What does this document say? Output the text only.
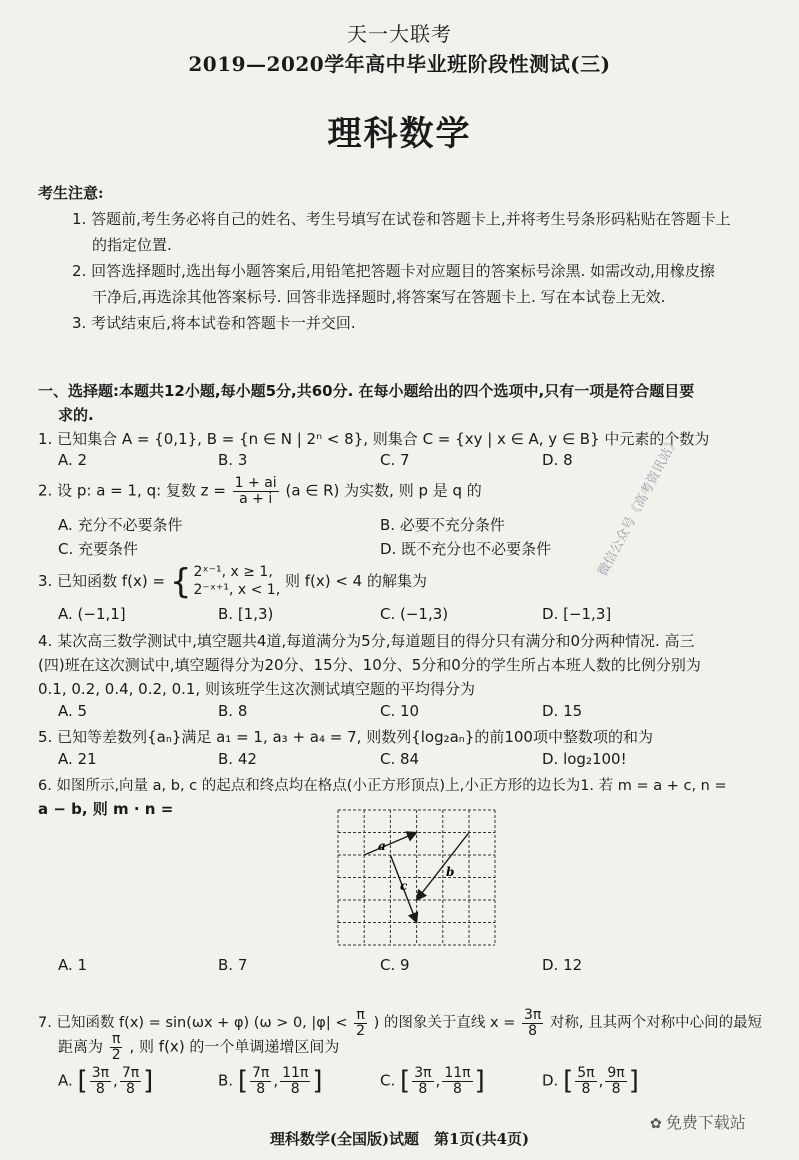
天一大联考
2019—2020学年高中毕业班阶段性测试(三)
理科数学
考生注意:
1. 答题前,考生务必将自己的姓名、考生号填写在试卷和答题卡上,并将考生号条形码粘贴在答题卡上
的指定位置.
2. 回答选择题时,选出每小题答案后,用铅笔把答题卡对应题目的答案标号涂黑. 如需改动,用橡皮擦
干净后,再选涂其他答案标号. 回答非选择题时,将答案写在答题卡上. 写在本试卷上无效.
3. 考试结束后,将本试卷和答题卡一并交回.
一、选择题:本题共12小题,每小题5分,共60分. 在每小题给出的四个选项中,只有一项是符合题目要
求的.
1. 已知集合 A = {0,1}, B = {n ∈ N | 2ⁿ < 8}, 则集合 C = {xy | x ∈ A, y ∈ B} 中元素的个数为
A. 2	B. 3	C. 7	D. 8
2. 设 p: a = 1, q: 复数 $z = \frac{1 + ai}{a + i} (a$ ∈ R) 为实数, 则 p 是 q 的
A. 充分不必要条件	B. 必要不充分条件
C. 充要条件	D. 既不充分也不必要条件
3. 已知函数 f(x) = { 2ˣ⁻¹, x ≥ 1,
2⁻ˣ⁺¹, x < 1, 则 f(x) < 4 的解集为
A. (−1,1]	B. [1,3)	C. (−1,3)	D. [−1,3]
4. 某次高三数学测试中,填空题共4道,每道满分为5分,每道题目的得分只有满分和0分两种情况. 高三
(四)班在这次测试中,填空题得分为20分、15分、10分、5分和0分的学生所占本班人数的比例分别为
0.1, 0.2, 0.4, 0.2, 0.1, 则该班学生这次测试填空题的平均得分为
A. 5	B. 8	C. 10	D. 15
5. 已知等差数列{aₙ}满足 a₁ = 1, a₃ + a₄ = 7, 则数列{log₂aₙ}的前100项中整数项的和为
A. 21	B. 42	C. 84	D. log₂100!
6. 如图所示,向量 a, b, c 的起点和终点均在格点(小正方形顶点)上,小正方形的边长为1. 若 m = a + c, n =
a − b, 则 m · n =
a
b
c
A. 1	B. 7	C. 9	D. 12
7. 已知函数 f(x) = sin(ωx + φ) (ω > 0, $|\varphi| < \frac{\pi}{2}$ ) 的图象关于直线 $x = \frac{3\pi}{8}$ 对称, 且其两个对称中心间的最短
距离为 $\frac{\pi}{2}$ , 则 f(x) 的一个单调递增区间为
A. [ $\frac{3\pi}{8}$ , $\frac{7\pi}{8}$ ]	B. [ $\frac{7\pi}{8}$ , $\frac{11\pi}{8}$ ]	C. [ $\frac{3\pi}{8}$ , $\frac{11\pi}{8}$ ]	D. [ $\frac{5\pi}{8}$ , $\frac{9\pi}{8}$ ]
微信公众号《高考资讯站》
理科数学(全国版)试题　第1页(共4页)
✿ 免费下载站
